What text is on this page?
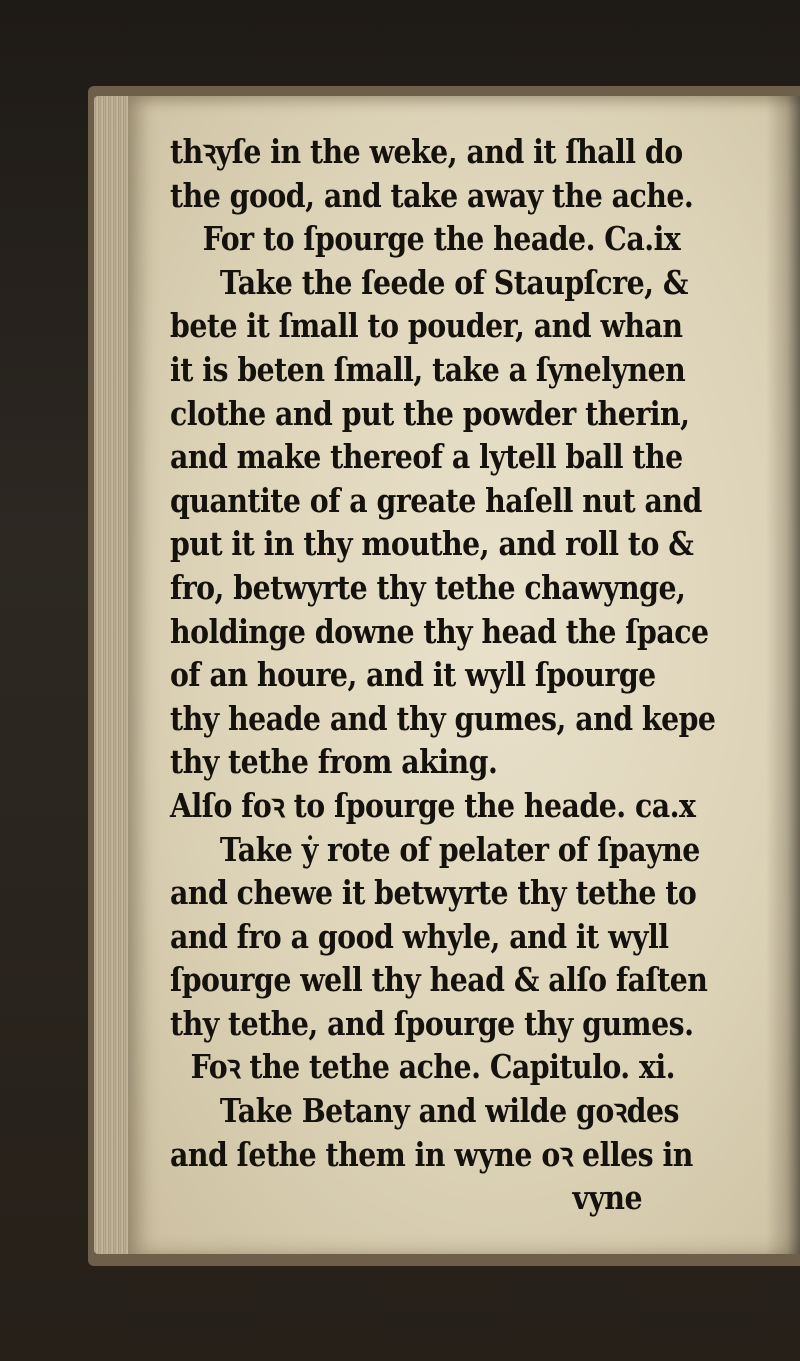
thꝛyſe in the weke, and it ſhall do
the good, and take away the ache.
For to ſpourge the heade. Ca.ix
Take the ſeede of Staupſcre, &
bete it ſmall to pouder, and whan
it is beten ſmall, take a ſynelynen
clothe and put the powder therin,
and make thereof a lytell ball the
quantite of a greate haſell nut and
put it in thy mouthe, and roll to &
fro, betwyrte thy tethe chawynge,
holdinge downe thy head the ſpace
of an houre, and it wyll ſpourge
thy heade and thy gumes, and kepe
thy tethe from aking.
Alſo foꝛ to ſpourge the heade. ca.x
Take ẏ rote of pelater of ſpayne
and chewe it betwyrte thy tethe to
and fro a good whyle, and it wyll
ſpourge well thy head & alſo faſten
thy tethe, and ſpourge thy gumes.
Foꝛ the tethe ache. Capitulo. xi.
Take Betany and wilde goꝛdes
and ſethe them in wyne oꝛ elles in
vyne
